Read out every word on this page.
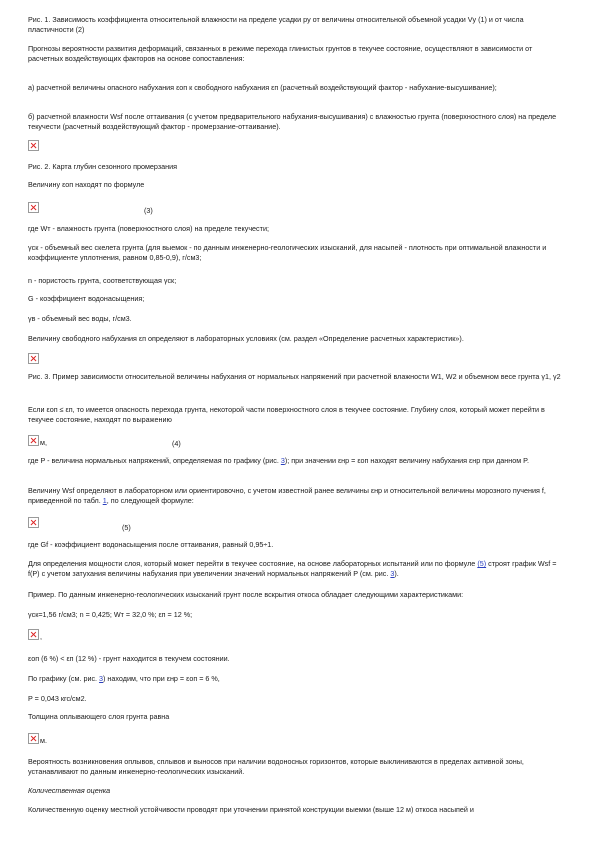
Рис. 1. Зависимость коэффициента относительной влажности на пределе усадки ру от величины относительной объемной усадки Vу (1) и от числа пластичности (2)

Прогнозы вероятности развития деформаций, связанных в режиме перехода глинистых грунтов в текучее состояние, осуществляют в зависимости от расчетных воздействующих факторов на основе сопоставления:

а) расчетной величины опасного набухания εоп к свободного набухания εп (расчетный воздействующий фактор - набухание-высушивание);

б) расчетной влажности Wsf после оттаивания (с учетом предварительного набухания-высушивания) с влажностью грунта (поверхностного слоя) на пределе текучести (расчетный воздействующий фактор - промерзание-оттаивание).

Рис. 2. Карта глубин сезонного промерзания

Величину εоп находят по формуле

(3)

где Wт - влажность грунта (поверхностного слоя) на пределе текучести;

γск - объемный вес скелета грунта (для выемок - по данным инженерно-геологических изысканий, для насыпей - плотность при оптимальной влажности и коэффициенте уплотнения, равном 0,85-0,9), г/см3;

n - пористость грунта, соответствующая γск;

G - коэффициент водонасыщения;

γв - объемный вес воды, г/см3.

Величину свободного набухания εп определяют в лабораторных условиях (см. раздел «Определение расчетных характеристик»).

Рис. 3. Пример зависимости относительной величины набухания от нормальных напряжений при расчетной влажности W1, W2 и объемном весе грунта γ1, γ2

Если εоп ≤ εп, то имеется опасность перехода грунта, некоторой части поверхностного слоя в текучее состояние. Глубину слоя, который может перейти в текучее состояние, находят по выражению

м,	(4)

где P - величина нормальных напряжений, определяемая по графику (рис. 3); при значении εнр = εоп находят величину набухания εнр при данном P.

Величину Wsf определяют в лабораторном или ориентировочно, с учетом известной ранее величины εнр и относительной величины морозного пучения f, приведенной по табл. 1, по следующей формуле:

(5)

где Gf - коэффициент водонасыщения после оттаивания, равный 0,95÷1.

Для определения мощности слоя, который может перейти в текучее состояние, на основе лабораторных испытаний или по формуле (5) строят график Wsf = f(P) с учетом затухания величины набухания при увеличении значений нормальных напряжений P (см. рис. 3).

Пример. По данным инженерно-геологических изысканий грунт после вскрытия откоса обладает следующими характеристиками:

γск=1,56 г/см3; n = 0,425; Wт = 32,0 %; εп = 12 %;

,

εоп (6 %) < εп (12 %) - грунт находится в текучем состоянии.

По графику (см. рис. 3) находим, что при εнр = εоп = 6 %,

P = 0,043 кгс/см2.

Толщина оплывающего слоя грунта равна

м.

Вероятность возникновения оплывов, сплывов и выносов при наличии водоносных горизонтов, которые выклиниваются в пределах активной зоны, устанавливают по данным инженерно-геологических изысканий.

Количественная оценка

Количественную оценку местной устойчивости проводят при уточнении принятой конструкции выемки (выше 12 м) откоса насыпей и
